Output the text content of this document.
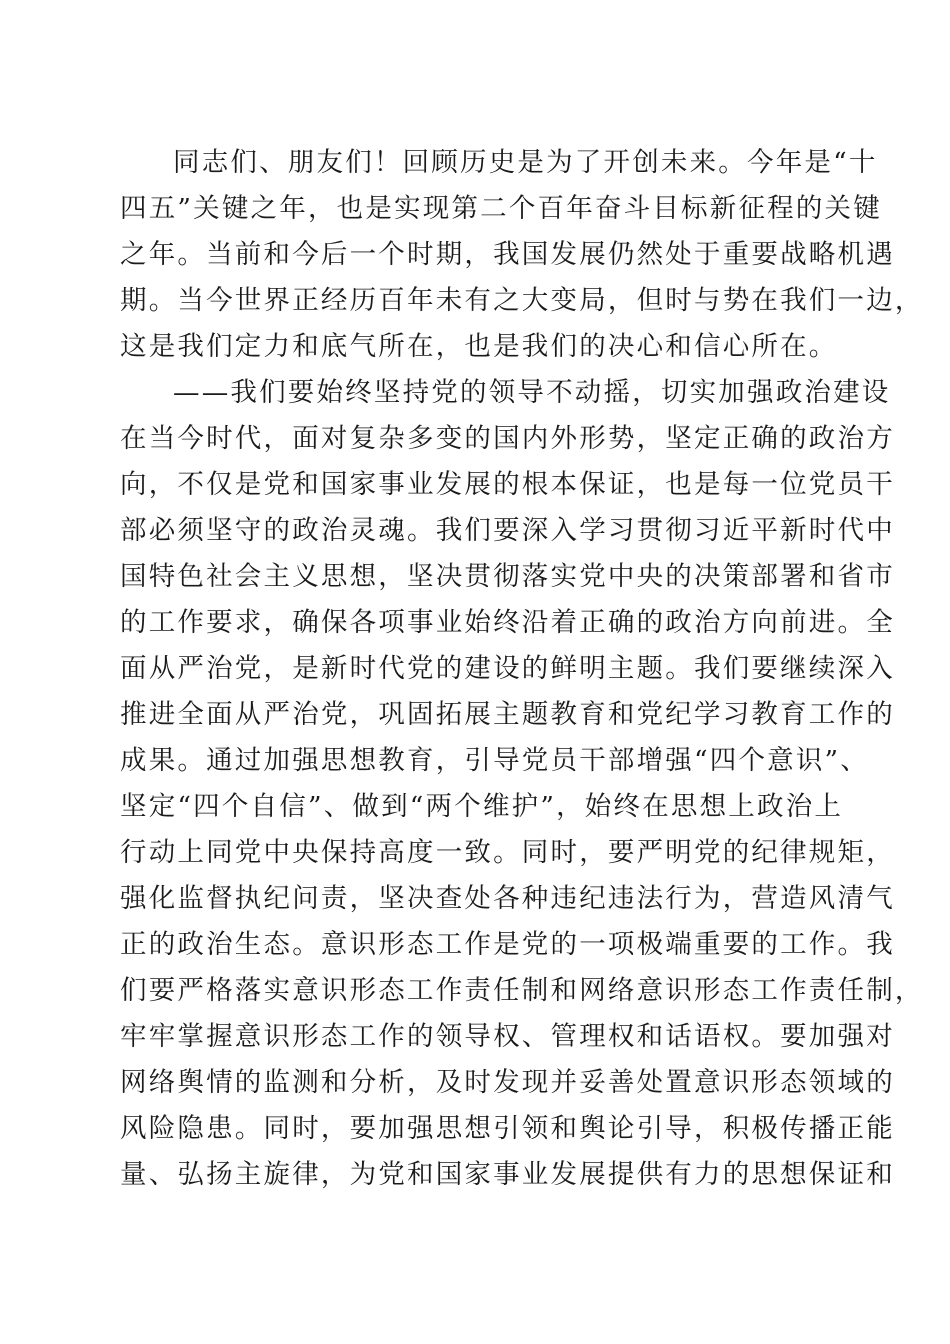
同志们、朋友们！回顾历史是为了开创未来。今年是“十
四五”关键之年，也是实现第二个百年奋斗目标新征程的关键
之年。当前和今后一个时期，我国发展仍然处于重要战略机遇
期。当今世界正经历百年未有之大变局，但时与势在我们一边，
这是我们定力和底气所在，也是我们的决心和信心所在。
——我们要始终坚持党的领导不动摇，切实加强政治建设
在当今时代，面对复杂多变的国内外形势，坚定正确的政治方
向，不仅是党和国家事业发展的根本保证，也是每一位党员干
部必须坚守的政治灵魂。我们要深入学习贯彻习近平新时代中
国特色社会主义思想，坚决贯彻落实党中央的决策部署和省市
的工作要求，确保各项事业始终沿着正确的政治方向前进。全
面从严治党，是新时代党的建设的鲜明主题。我们要继续深入
推进全面从严治党，巩固拓展主题教育和党纪学习教育工作的
成果。通过加强思想教育，引导党员干部增强“四个意识”、
坚定“四个自信”、做到“两个维护”，始终在思想上政治上
行动上同党中央保持高度一致。同时，要严明党的纪律规矩，
强化监督执纪问责，坚决查处各种违纪违法行为，营造风清气
正的政治生态。意识形态工作是党的一项极端重要的工作。我
们要严格落实意识形态工作责任制和网络意识形态工作责任制，
牢牢掌握意识形态工作的领导权、管理权和话语权。要加强对
网络舆情的监测和分析，及时发现并妥善处置意识形态领域的
风险隐患。同时，要加强思想引领和舆论引导，积极传播正能
量、弘扬主旋律，为党和国家事业发展提供有力的思想保证和
